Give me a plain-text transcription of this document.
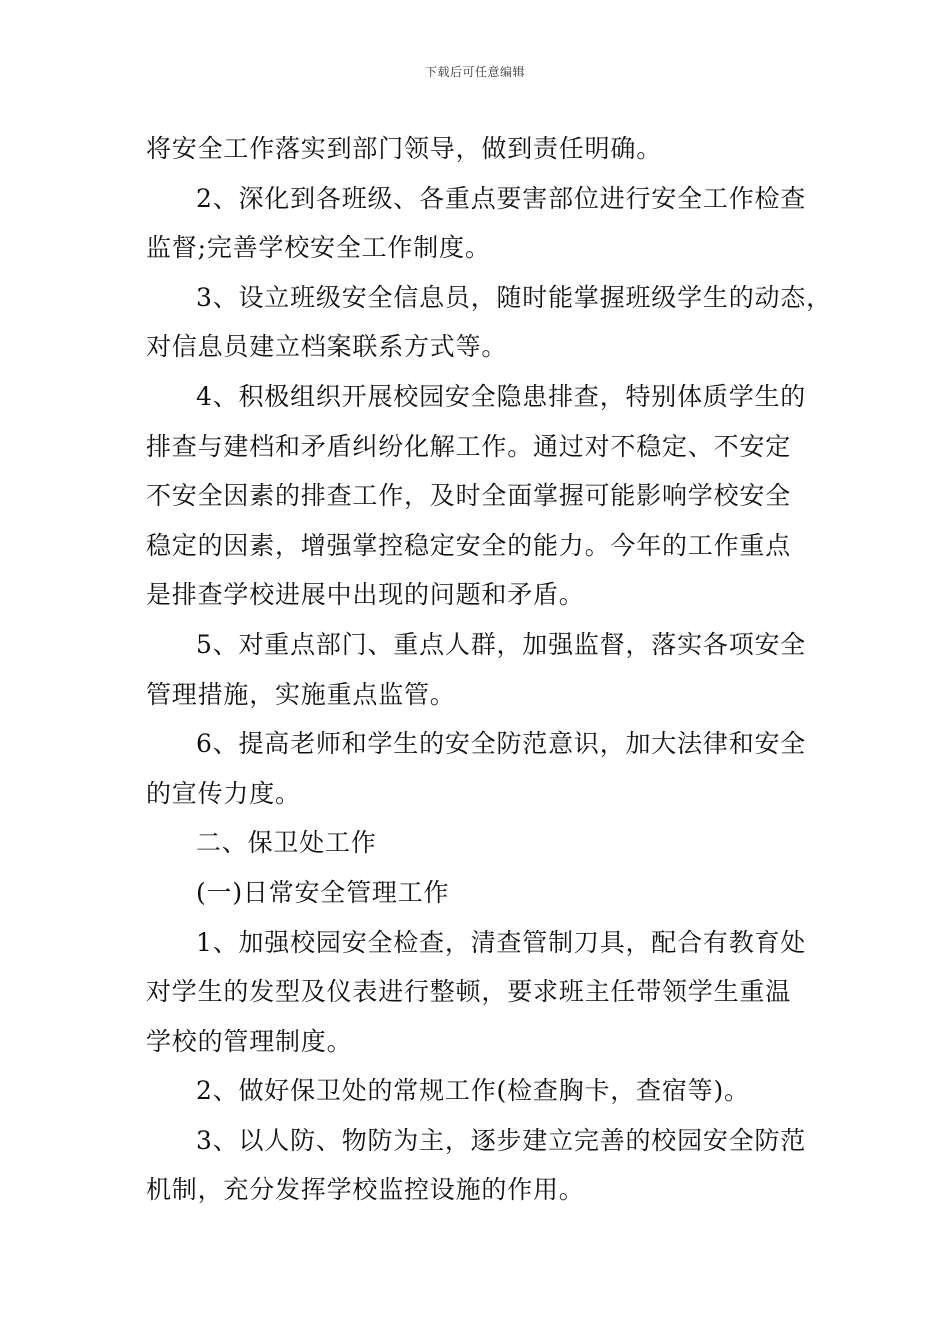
下载后可任意编辑
将安全工作落实到部门领导，做到责任明确。
2、深化到各班级、各重点要害部位进行安全工作检查
监督;完善学校安全工作制度。
3、设立班级安全信息员，随时能掌握班级学生的动态，
对信息员建立档案联系方式等。
4、积极组织开展校园安全隐患排查，特别体质学生的
排查与建档和矛盾纠纷化解工作。通过对不稳定、不安定
不安全因素的排查工作，及时全面掌握可能影响学校安全
稳定的因素，增强掌控稳定安全的能力。今年的工作重点
是排查学校进展中出现的问题和矛盾。
5、对重点部门、重点人群，加强监督，落实各项安全
管理措施，实施重点监管。
6、提高老师和学生的安全防范意识，加大法律和安全
的宣传力度。
二、保卫处工作
(一)日常安全管理工作
1、加强校园安全检查，清查管制刀具，配合有教育处
对学生的发型及仪表进行整顿，要求班主任带领学生重温
学校的管理制度。
2、做好保卫处的常规工作(检查胸卡，查宿等)。
3、以人防、物防为主，逐步建立完善的校园安全防范
机制，充分发挥学校监控设施的作用。
